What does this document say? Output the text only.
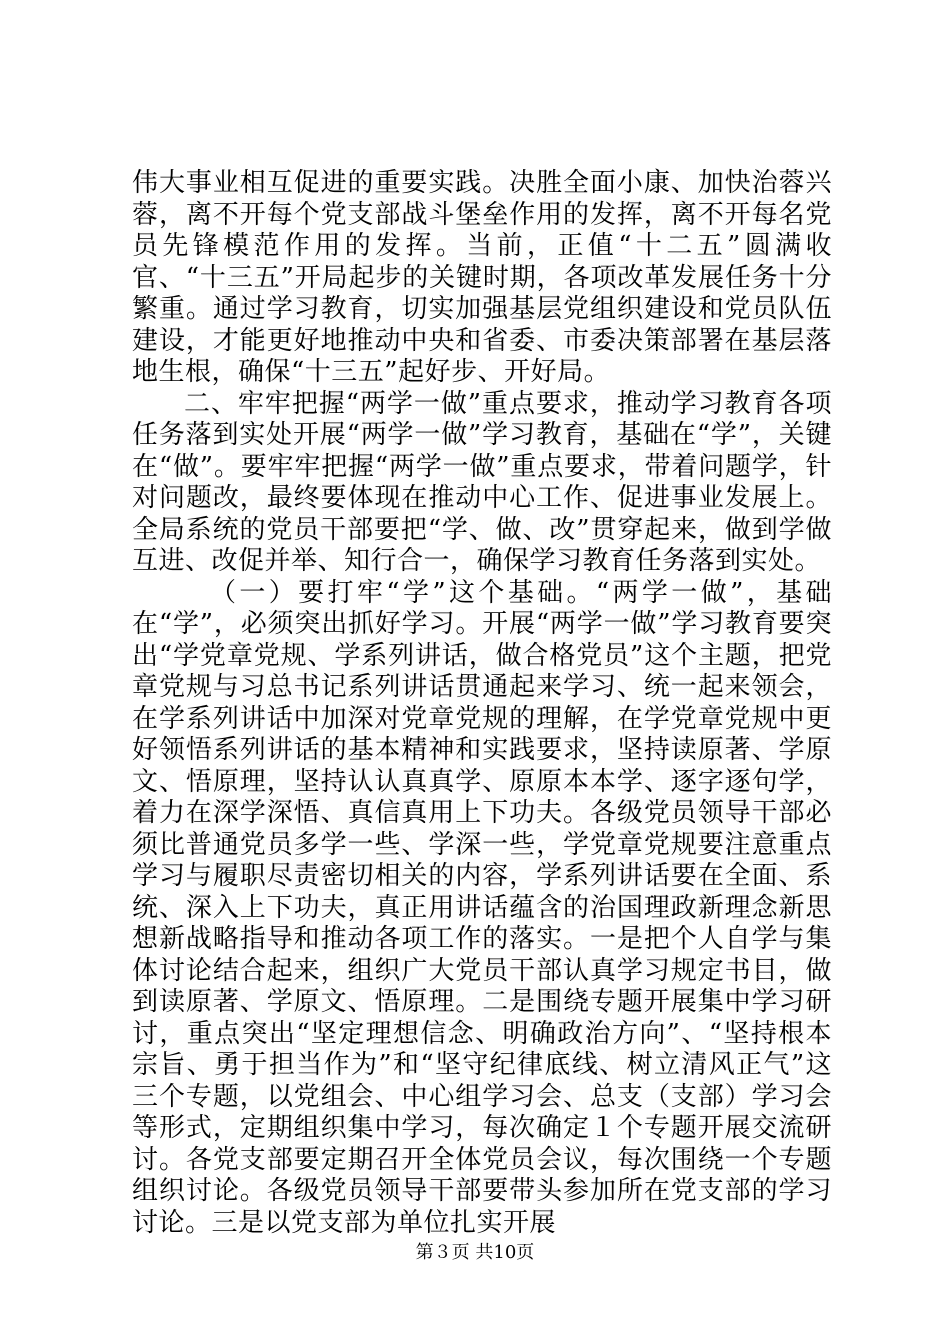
伟大事业相互促进的重要实践。决胜全面小康、加快治蓉兴蓉，离不开每个党支部战斗堡垒作用的发挥，离不开每名党员先锋模范作用的发挥。当前，正值“十二五”圆满收官、“十三五”开局起步的关键时期，各项改革发展任务十分繁重。通过学习教育，切实加强基层党组织建设和党员队伍建设，才能更好地推动中央和省委、市委决策部署在基层落地生根，确保“十三五”起好步、开好局。

二、牢牢把握“两学一做”重点要求，推动学习教育各项任务落到实处开展“两学一做”学习教育，基础在“学”，关键在“做”。要牢牢把握“两学一做”重点要求，带着问题学，针对问题改，最终要体现在推动中心工作、促进事业发展上。全局系统的党员干部要把“学、做、改”贯穿起来，做到学做互进、改促并举、知行合一，确保学习教育任务落到实处。

（一）要打牢“学”这个基础。“两学一做”，基础在“学”，必须突出抓好学习。开展“两学一做”学习教育要突出“学党章党规、学系列讲话，做合格党员”这个主题，把党章党规与习总书记系列讲话贯通起来学习、统一起来领会，在学系列讲话中加深对党章党规的理解，在学党章党规中更好领悟系列讲话的基本精神和实践要求，坚持读原著、学原文、悟原理，坚持认认真真学、原原本本学、逐字逐句学，着力在深学深悟、真信真用上下功夫。各级党员领导干部必须比普通党员多学一些、学深一些，学党章党规要注意重点学习与履职尽责密切相关的内容，学系列讲话要在全面、系统、深入上下功夫，真正用讲话蕴含的治国理政新理念新思想新战略指导和推动各项工作的落实。一是把个人自学与集体讨论结合起来，组织广大党员干部认真学习规定书目，做到读原著、学原文、悟原理。二是围绕专题开展集中学习研讨，重点突出“坚定理想信念、明确政治方向”、“坚持根本宗旨、勇于担当作为”和“坚守纪律底线、树立清风正气”这三个专题，以党组会、中心组学习会、总支（支部）学习会等形式，定期组织集中学习，每次确定１个专题开展交流研讨。各党支部要定期召开全体党员会议，每次围绕一个专题组织讨论。各级党员领导干部要带头参加所在党支部的学习讨论。三是以党支部为单位扎实开展

第３页 共10页
